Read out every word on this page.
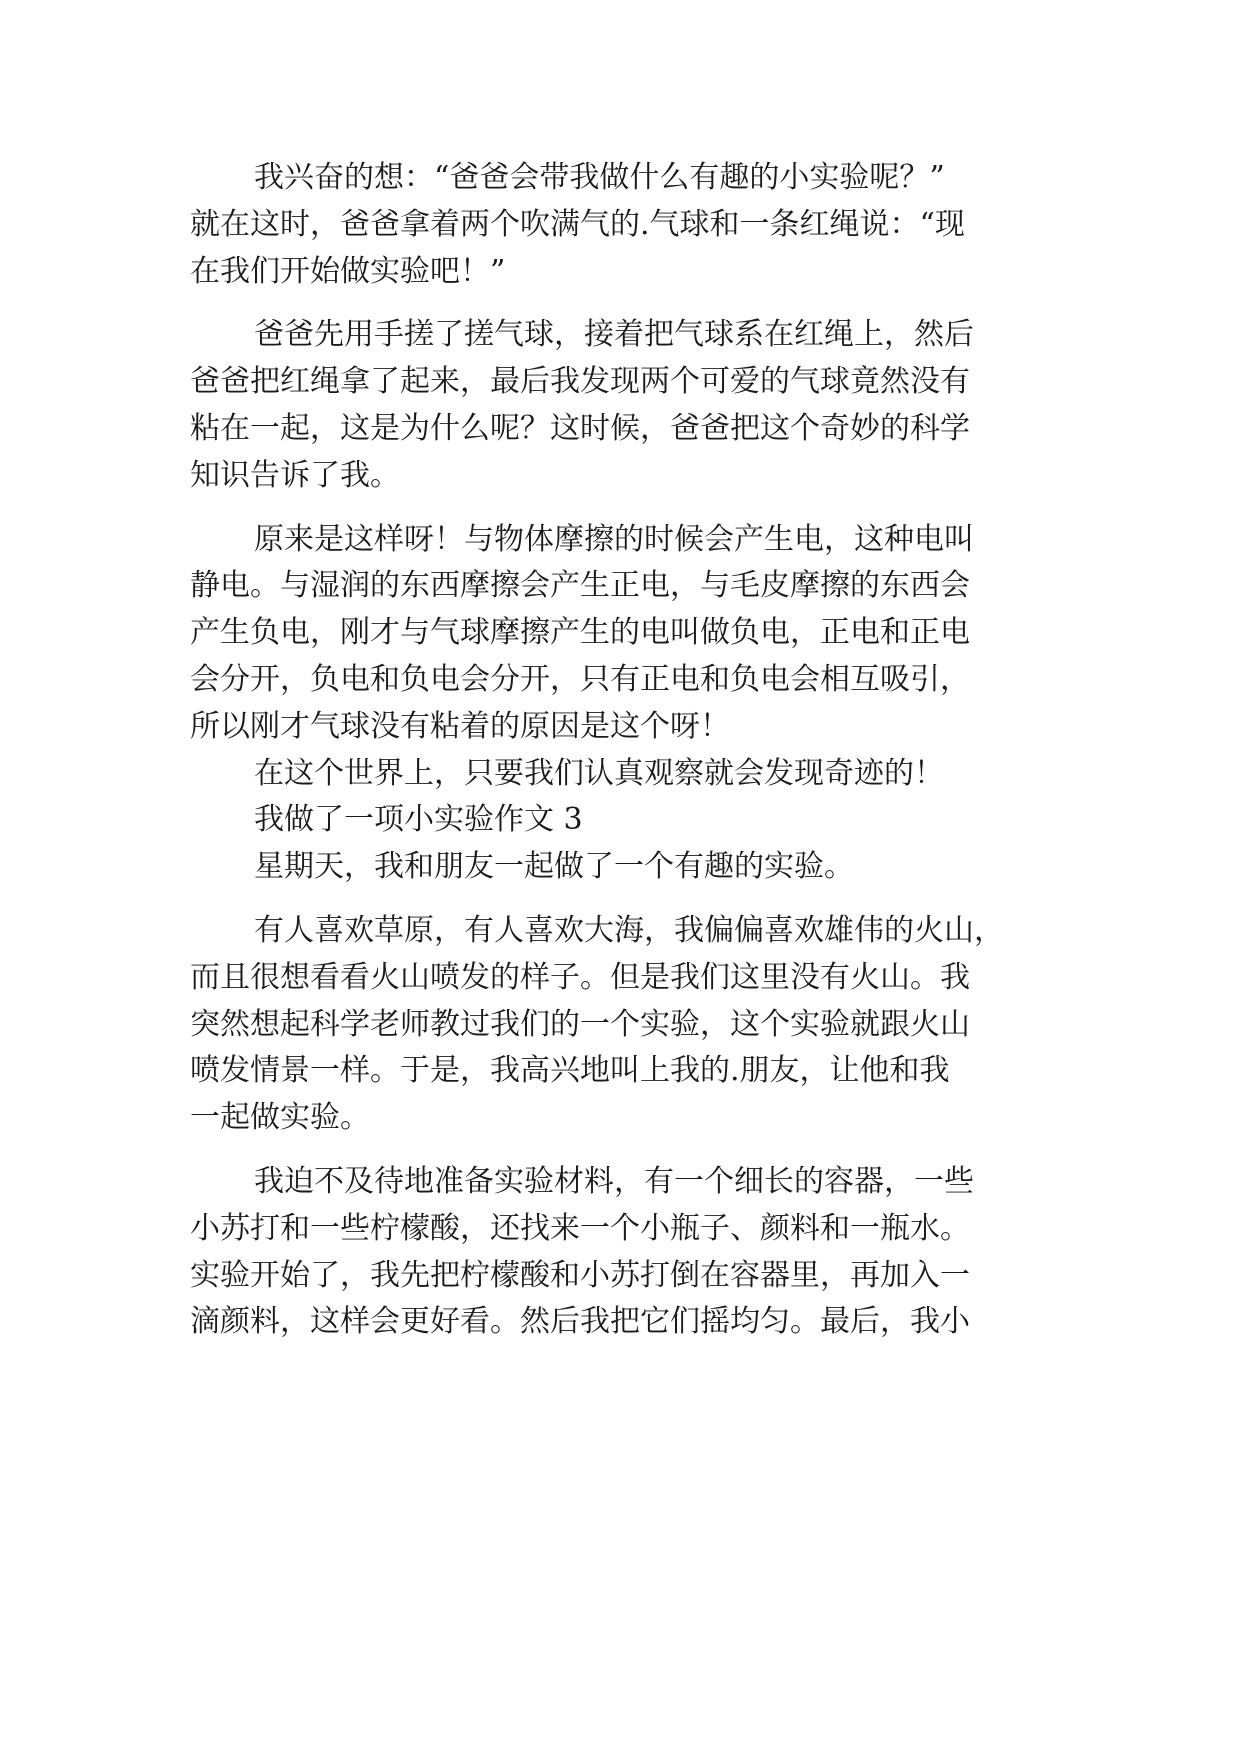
我兴奋的想：“爸爸会带我做什么有趣的小实验呢？”
就在这时，爸爸拿着两个吹满气的.气球和一条红绳说：“现
在我们开始做实验吧！”
爸爸先用手搓了搓气球，接着把气球系在红绳上，然后
爸爸把红绳拿了起来，最后我发现两个可爱的气球竟然没有
粘在一起，这是为什么呢？这时候，爸爸把这个奇妙的科学
知识告诉了我。
原来是这样呀！与物体摩擦的时候会产生电，这种电叫
静电。与湿润的东西摩擦会产生正电，与毛皮摩擦的东西会
产生负电，刚才与气球摩擦产生的电叫做负电，正电和正电
会分开，负电和负电会分开，只有正电和负电会相互吸引，
所以刚才气球没有粘着的原因是这个呀！
在这个世界上，只要我们认真观察就会发现奇迹的！
我做了一项小实验作文 3
星期天，我和朋友一起做了一个有趣的实验。
有人喜欢草原，有人喜欢大海，我偏偏喜欢雄伟的火山，
而且很想看看火山喷发的样子。但是我们这里没有火山。我
突然想起科学老师教过我们的一个实验，这个实验就跟火山
喷发情景一样。于是，我高兴地叫上我的.朋友，让他和我
一起做实验。
我迫不及待地准备实验材料，有一个细长的容器，一些
小苏打和一些柠檬酸，还找来一个小瓶子、颜料和一瓶水。
实验开始了，我先把柠檬酸和小苏打倒在容器里，再加入一
滴颜料，这样会更好看。然后我把它们摇均匀。最后，我小
